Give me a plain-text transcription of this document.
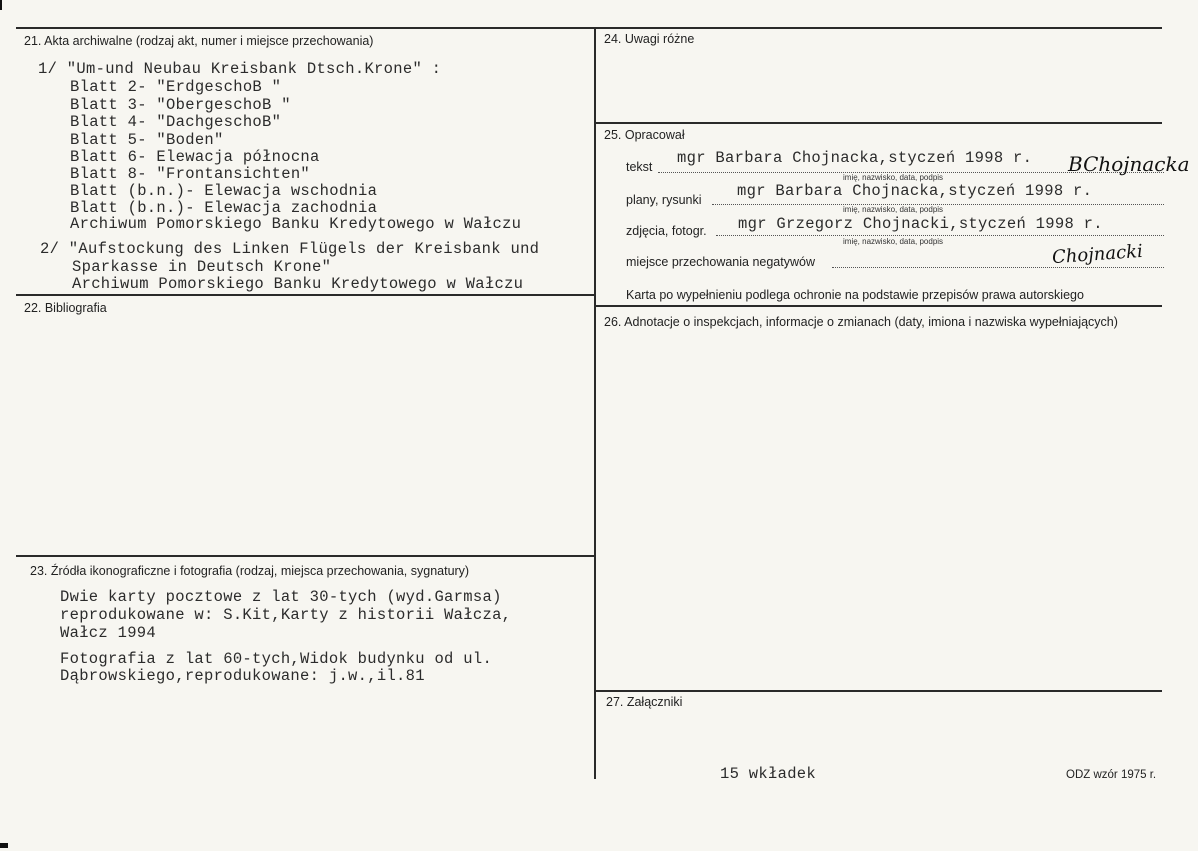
21. Akta archiwalne (rodzaj akt, numer i miejsce przechowania)
1/ "Um-und Neubau Kreisbank Dtsch.Krone" :
Blatt 2- "ErdgeschoB "
Blatt 3- "ObergeschoB "
Blatt 4- "DachgeschoB"
Blatt 5- "Boden"
Blatt 6- Elewacja północna
Blatt 8- "Frontansichten"
Blatt (b.n.)- Elewacja wschodnia
Blatt (b.n.)- Elewacja zachodnia
Archiwum Pomorskiego Banku Kredytowego w Wałczu
2/ "Aufstockung des Linken Flügels der Kreisbank und
Sparkasse in Deutsch Krone"
Archiwum Pomorskiego Banku Kredytowego w Wałczu
22. Bibliografia
23. Źródła ikonograficzne i fotografia (rodzaj, miejsca przechowania, sygnatury)
Dwie karty pocztowe z lat 30-tych (wyd.Garmsa)
reprodukowane w: S.Kit,Karty z historii Wałcza,
Wałcz 1994
Fotografia z lat 60-tych,Widok budynku od ul.
Dąbrowskiego,reprodukowane: j.w.,il.81
24. Uwagi różne
25. Opracował
tekst mgr Barbara Chojnacka,styczeń 1998 r. BChojnacka
imię, nazwisko, data, podpis
plany, rysunki mgr Barbara Chojnacka,styczeń 1998 r.
imię, nazwisko, data, podpis
zdjęcia, fotogr. mgr Grzegorz Chojnacki,styczeń 1998 r.
imię, nazwisko, data, podpis
miejsce przechowania negatywów	Chojnacki
Karta po wypełnieniu podlega ochronie na podstawie przepisów prawa autorskiego
26. Adnotacje o inspekcjach, informacje o zmianach (daty, imiona i nazwiska wypełniających)
27. Załączniki
15 wkładek	ODZ wzór 1975 r.
